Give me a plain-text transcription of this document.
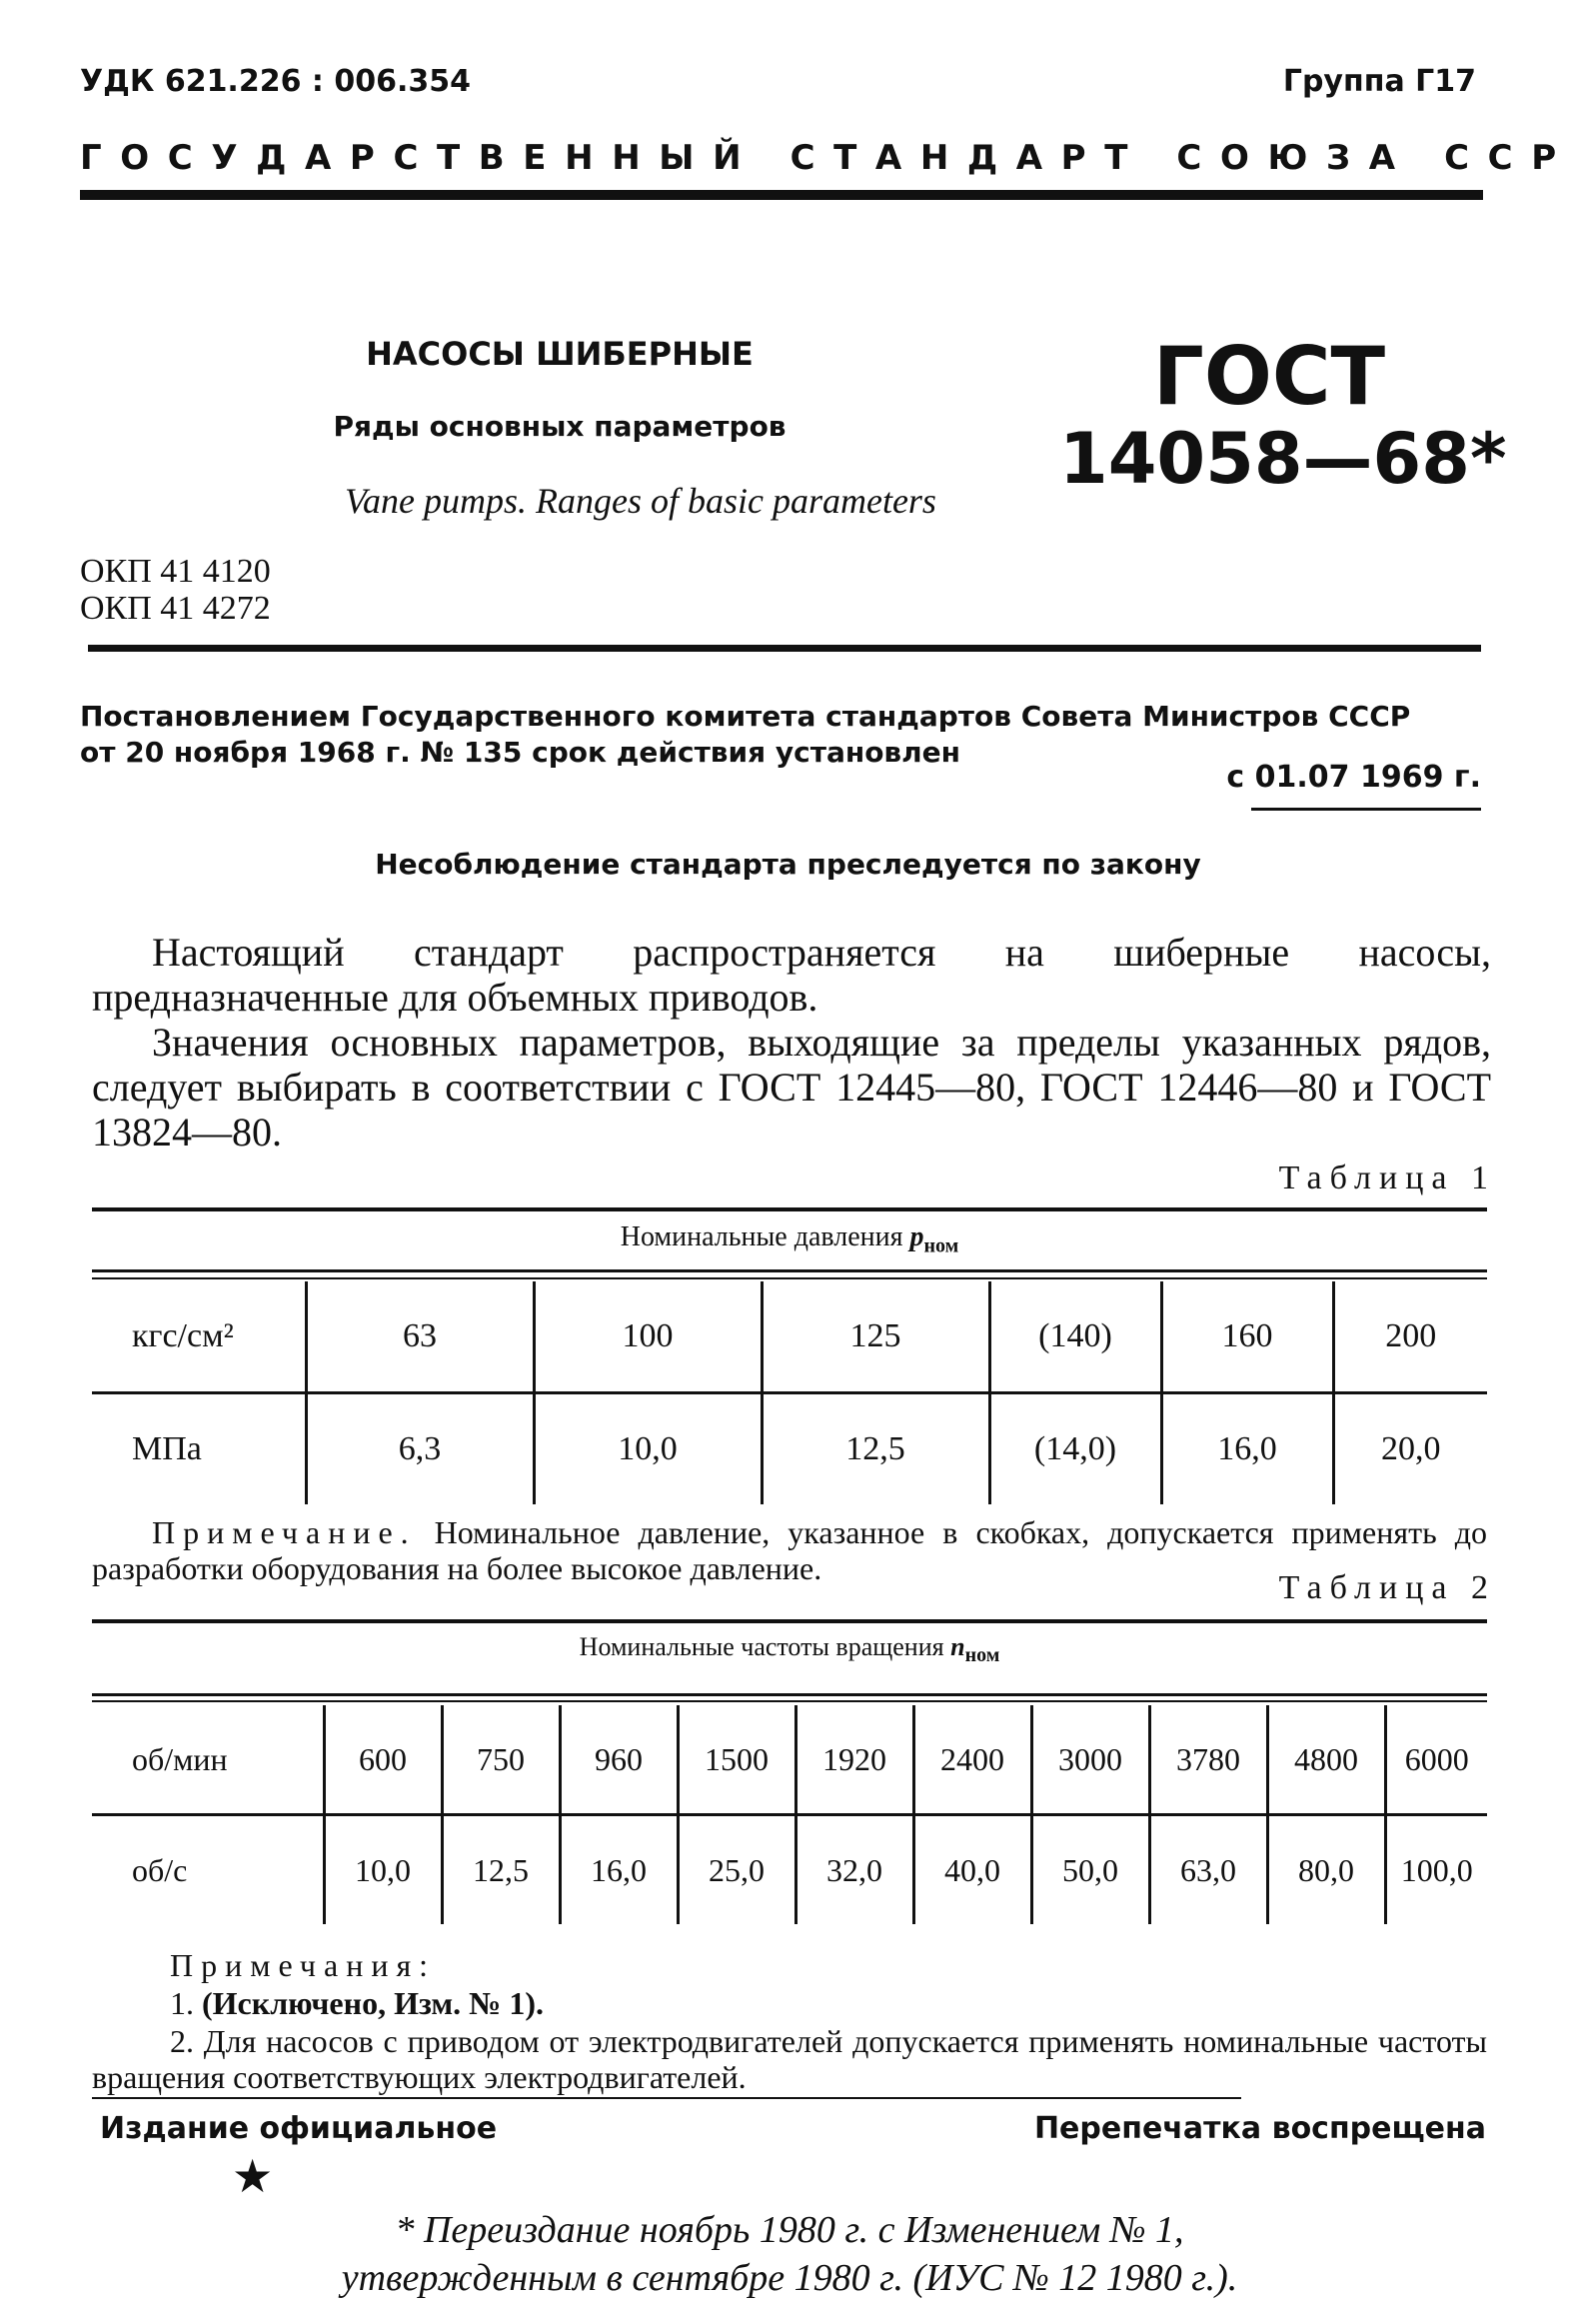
УДК 621.226 : 006.354	Группа Г17
ГОСУДАРСТВЕННЫЙ СТАНДАРТ СОЮЗА ССР
НАСОСЫ ШИБЕРНЫЕ
Ряды основных параметров
Vane pumps. Ranges of basic parameters
ГОСТ
14058—68*
ОКП 41 4120
ОКП 41 4272
Постановлением Государственного комитета стандартов Совета Министров СССР
от 20 ноября 1968 г. № 135 срок действия установлен
с 01.07 1969 г.
Несоблюдение стандарта преследуется по закону

Настоящий стандарт распространяется на шиберные насосы, предназначенные для объемных приводов.

Значения основных параметров, выходящие за пределы указанных рядов, следует выбирать в соответствии с ГОСТ 12445—80, ГОСТ 12446—80 и ГОСТ 13824—80.

Таблица 1
Номинальные давления $p_{ном}$
кгс/см²	63	100	125	(140)	160	200

МПа	6,3	10,0	12,5	(14,0)	16,0	20,0
Примечание. Номинальное давление, указанное в скобках, допускается применять до разработки оборудования на более высокое давление.
Таблица 2
Номинальные частоты вращения $n_{ном}$
об/мин	600	750	960	1500	1920	2400	3000	3780	4800	6000

об/с	10,0	12,5	16,0	25,0	32,0	40,0	50,0	63,0	80,0	100,0
Примечания:
1. (Исключено, Изм. № 1).
2. Для насосов с приводом от электродвигателей допускается применять номинальные частоты вращения соответствующих электродвигателей.
Издание официальное	Перепечатка воспрещена
★
* Переиздание ноябрь 1980 г. с Изменением № 1,
утвержденным в сентябре 1980 г. (ИУС № 12 1980 г.).
